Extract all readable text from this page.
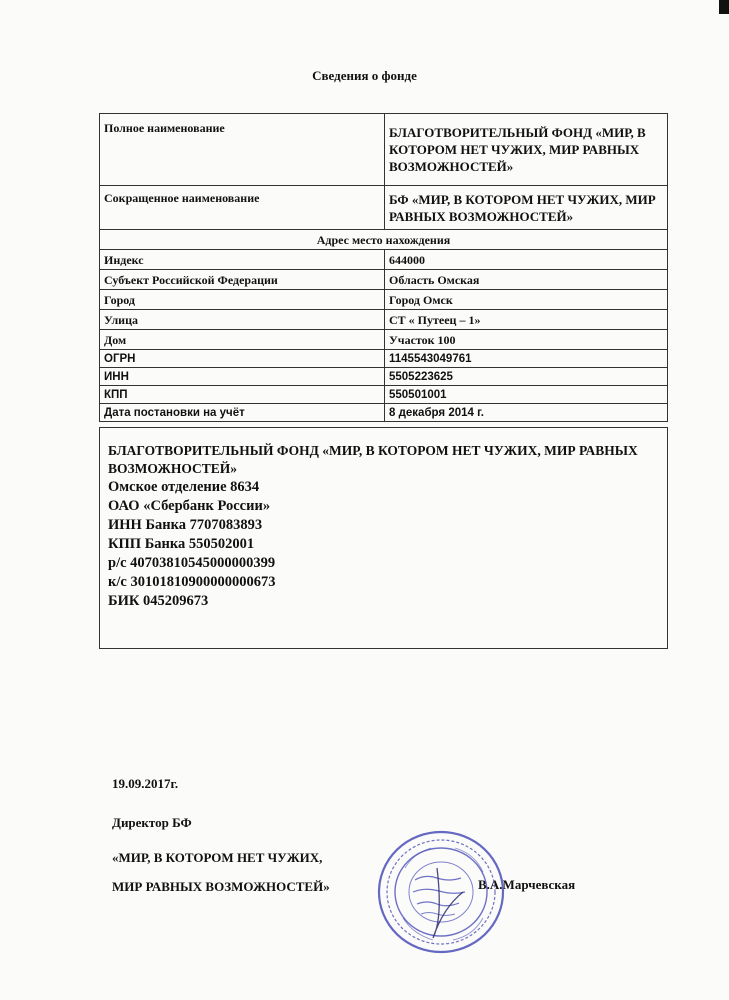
Сведения о фонде
Полное наименование	БЛАГОТВОРИТЕЛЬНЫЙ ФОНД «МИР, В КОТОРОМ НЕТ ЧУЖИХ, МИР РАВНЫХ ВОЗМОЖНОСТЕЙ»
Сокращенное наименование	БФ «МИР, В КОТОРОМ НЕТ ЧУЖИХ, МИР РАВНЫХ ВОЗМОЖНОСТЕЙ»
Адрес место нахождения	
Индекс	644000
Субъект Российской Федерации	Область Омская
Город	Город Омск
Улица	СТ « Путеец – 1»
Дом	Участок 100
ОГРН	1145543049761
ИНН	5505223625
КПП	550501001
Дата постановки на учёт	8 декабря 2014 г.
БЛАГОТВОРИТЕЛЬНЫЙ ФОНД «МИР, В КОТОРОМ НЕТ ЧУЖИХ, МИР РАВНЫХ ВОЗМОЖНОСТЕЙ»
Омское отделение 8634
ОАО «Сбербанк России»
ИНН Банка 7707083893
КПП Банка 550502001
р/с 40703810545000000399
к/с 30101810900000000673
БИК 045209673
19.09.2017г.
Директор БФ
«МИР, В КОТОРОМ НЕТ ЧУЖИХ,
МИР РАВНЫХ ВОЗМОЖНОСТЕЙ»	В.А.Марчевская
